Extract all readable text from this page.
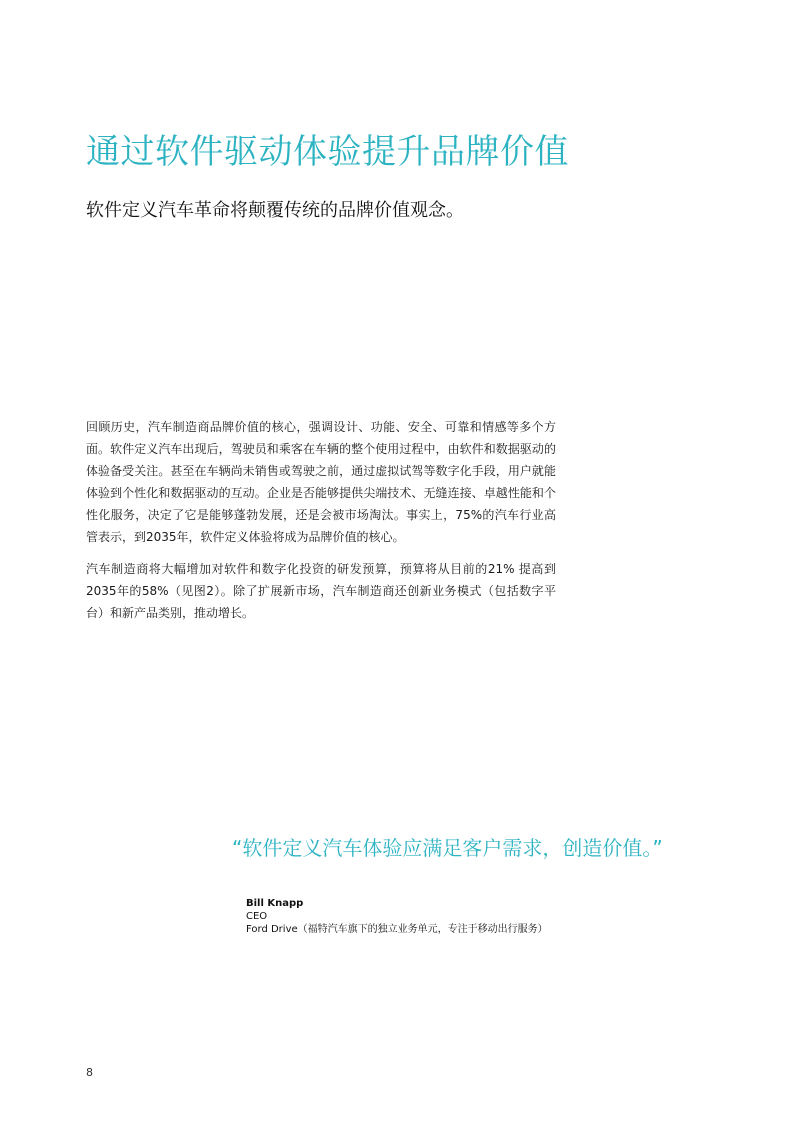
通过软件驱动体验提升品牌价值

软件定义汽车革命将颠覆传统的品牌价值观念。

回顾历史，汽车制造商品牌价值的核心，强调设计、功能、安全、可靠和情感等多个方面。软件定义汽车出现后，驾驶员和乘客在车辆的整个使用过程中，由软件和数据驱动的体验备受关注。甚至在车辆尚未销售或驾驶之前，通过虚拟试驾等数字化手段，用户就能体验到个性化和数据驱动的互动。企业是否能够提供尖端技术、无缝连接、卓越性能和个性化服务，决定了它是能够蓬勃发展，还是会被市场淘汰。事实上，75%的汽车行业高管表示，到2035年，软件定义体验将成为品牌价值的核心。

汽车制造商将大幅增加对软件和数字化投资的研发预算，预算将从目前的21% 提高到2035年的58%（见图2）。除了扩展新市场，汽车制造商还创新业务模式（包括数字平台）和新产品类别，推动增长。

“软件定义汽车体验应满足客户需求，创造价值。”

Bill Knapp
CEO
Ford Drive（福特汽车旗下的独立业务单元，专注于移动出行服务）
8
